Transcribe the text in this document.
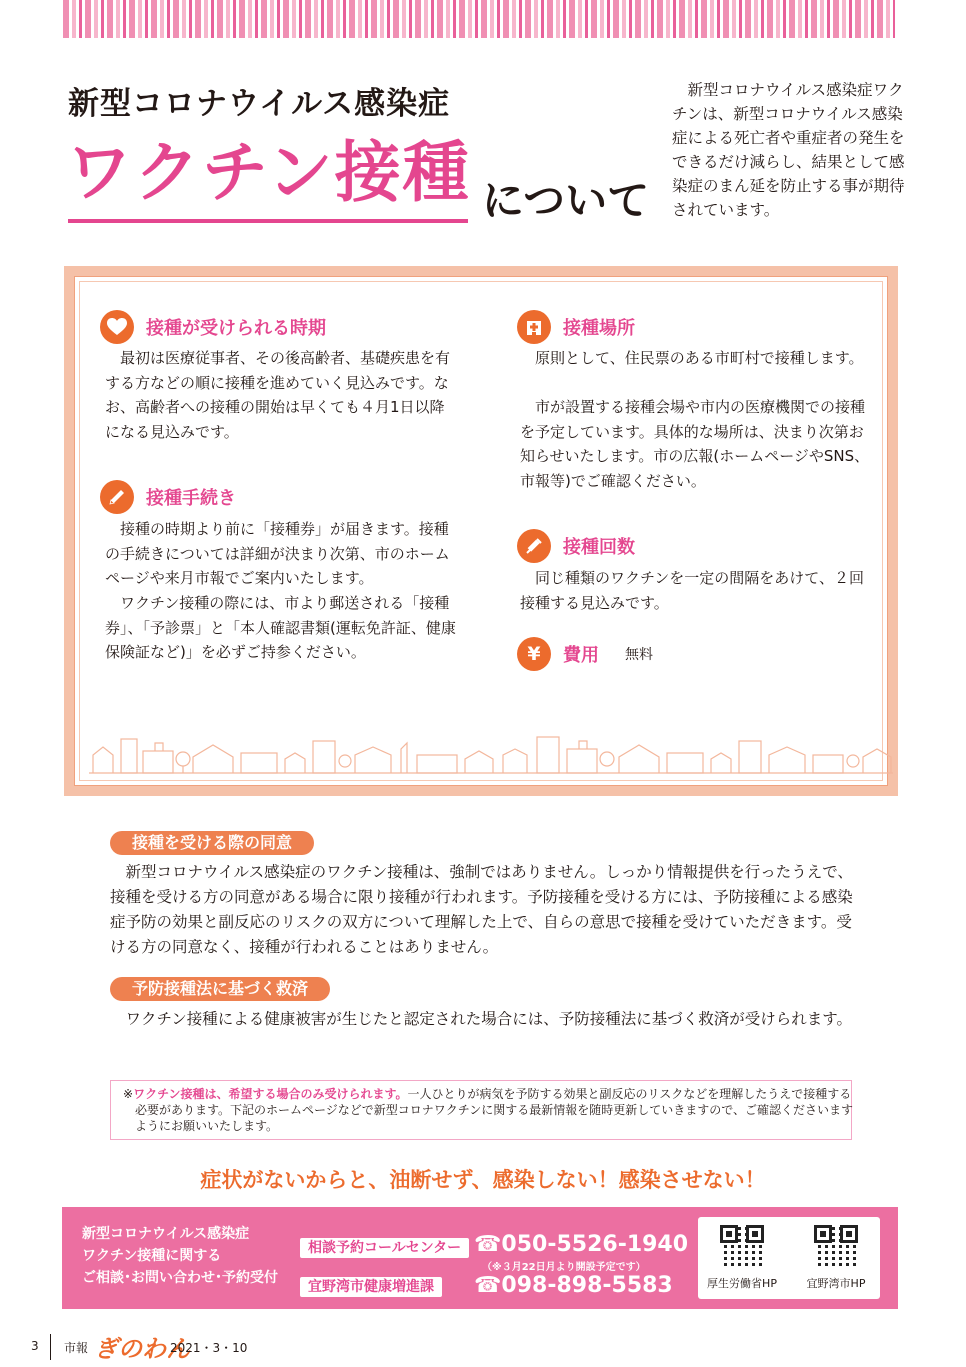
新型コロナウイルス感染症
ワクチン接種 について

新型コロナウイルス感染症ワクチンは、新型コロナウイルス感染症による死亡者や重症者の発生をできるだけ減らし、結果として感染症のまん延を防止する事が期待されています。

接種が受けられる時期

最初は医療従事者、その後高齢者、基礎疾患を有する方などの順に接種を進めていく見込みです。なお、高齢者への接種の開始は早くても４月1日以降になる見込みです。

接種手続き

接種の時期より前に「接種券」が届きます。接種の手続きについては詳細が決まり次第、市のホームページや来月市報でご案内いたします。

ワクチン接種の際には、市より郵送される「接種券」、「予診票」と「本人確認書類(運転免許証、健康保険証など)」を必ずご持参ください。

接種場所

原則として、住民票のある市町村で接種します。

市が設置する接種会場や市内の医療機関での接種を予定しています。具体的な場所は、決まり次第お知らせいたします。市の広報(ホームページやSNS、市報等)でご確認ください。

接種回数

同じ種類のワクチンを一定の間隔をあけて、２回接種する見込みです。

¥	費用 無料
接種を受ける際の同意

新型コロナウイルス感染症のワクチン接種は、強制ではありません。しっかり情報提供を行ったうえで、接種を受ける方の同意がある場合に限り接種が行われます。予防接種を受ける方には、予防接種による感染症予防の効果と副反応のリスクの双方について理解した上で、自らの意思で接種を受けていただきます。受ける方の同意なく、接種が行われることはありません。

予防接種法に基づく救済

ワクチン接種による健康被害が生じたと認定された場合には、予防接種法に基づく救済が受けられます。

※ワクチン接種は、希望する場合のみ受けられます。一人ひとりが病気を予防する効果と副反応のリスクなどを理解したうえで接種する必要があります。下記のホームページなどで新型コロナワクチンに関する最新情報を随時更新していきますので、ご確認くださいますようにお願いいたします。

症状がないからと、油断せず、感染しない！感染させない！
新型コロナウイルス感染症
ワクチン接種に関する
ご相談･お問い合わせ･予約受付
相談予約コールセンター ☎050-5526-1940
（※３月22日月より開設予定です）
宜野湾市健康増進課	☎098-898-5583	厚生労働省HP	宜野湾市HP
3 市報 ぎのわん
2021・3・10
